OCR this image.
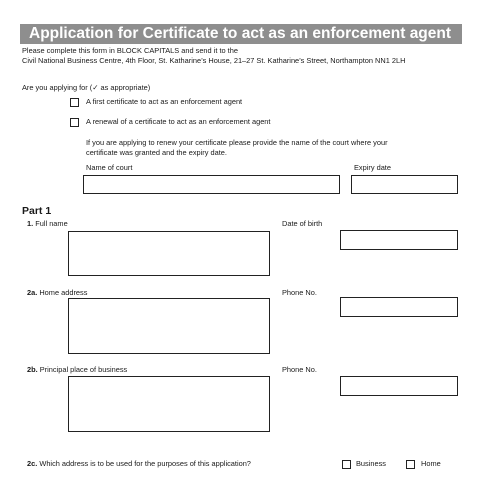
Application for Certificate to act as an enforcement agent
Please complete this form in BLOCK CAPITALS and send it to the
Civil National Business Centre, 4th Floor, St. Katharine’s House, 21–27 St. Katharine’s Street, Northampton NN1 2LH
Are you applying for (✓ as appropriate)
A first certificate to act as an enforcement agent
A renewal of a certificate to act as an enforcement agent
If you are applying to renew your certificate please provide the name of the court where your
certificate was granted and the expiry date.
Name of court	Expiry date
Part 1
1. Full name	Date of birth
2a. Home address	Phone No.
2b. Principal place of business	Phone No.
2c. Which address is to be used for the purposes of this application?	Business	Home
